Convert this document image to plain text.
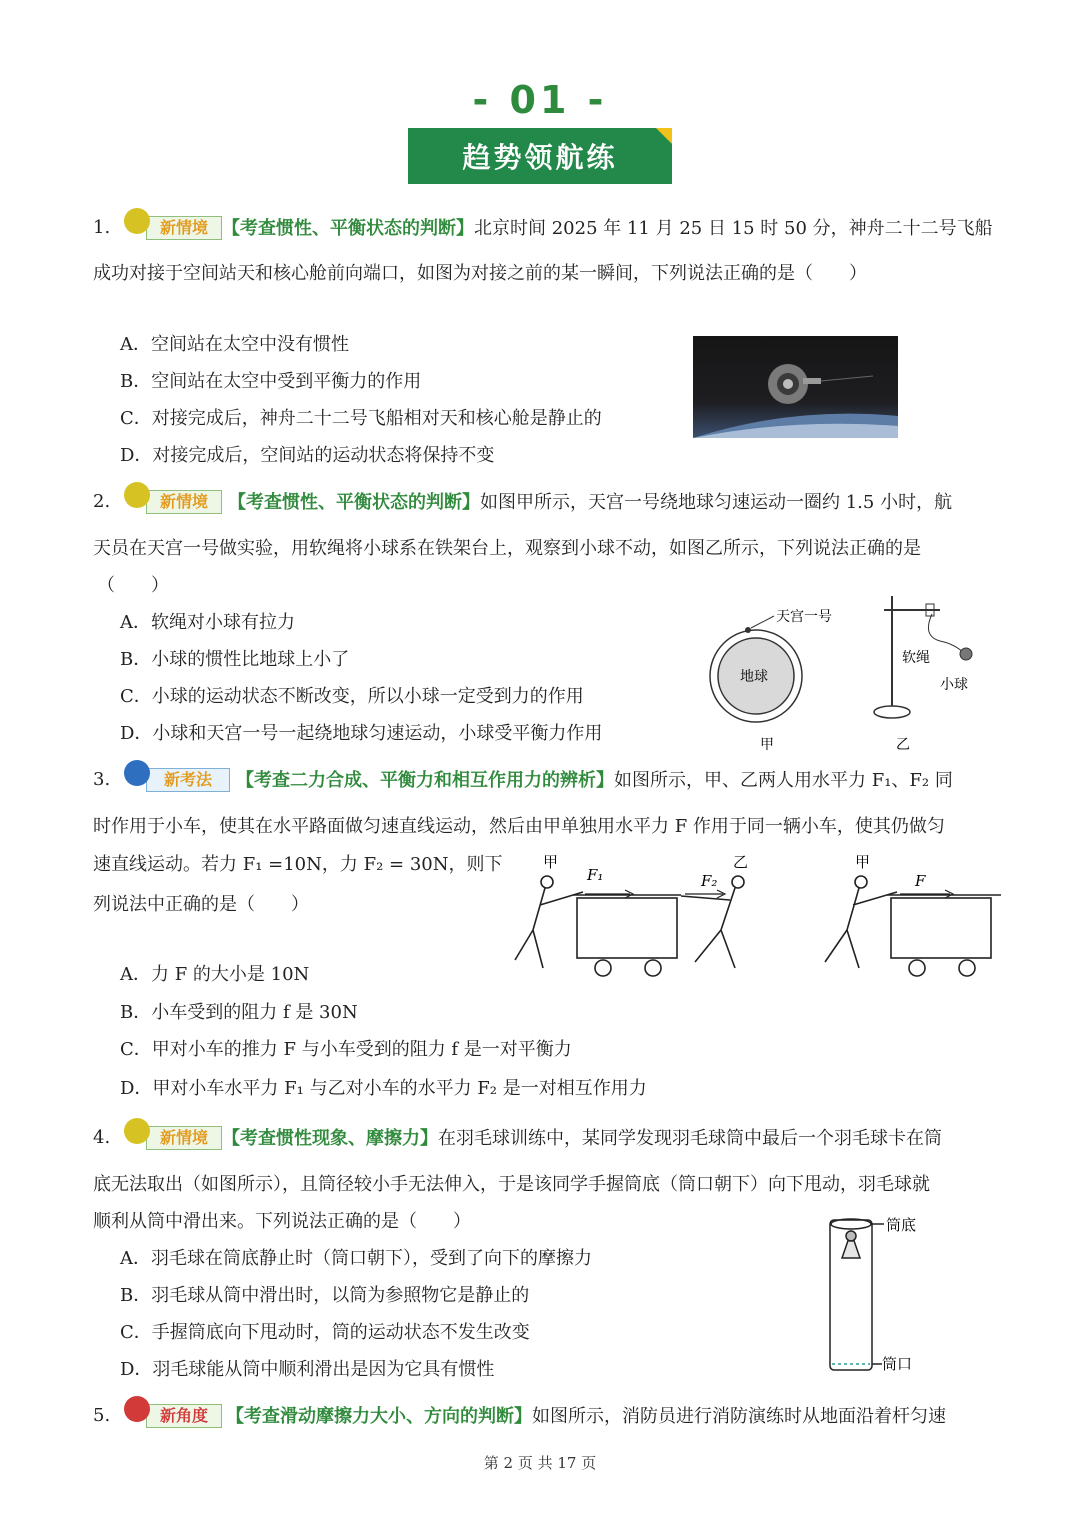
- 01 -
趋势领航练
1.	新情境 【考查惯性、平衡状态的判断】北京时间 2025 年 11 月 25 日 15 时 50 分，神舟二十二号飞船
成功对接于空间站天和核心舱前向端口，如图为对接之前的某一瞬间，下列说法正确的是（　　）
A．空间站在太空中没有惯性
B．空间站在太空中受到平衡力的作用
C．对接完成后，神舟二十二号飞船相对天和核心舱是静止的
D．对接完成后，空间站的运动状态将保持不变
2.	新情境	【考查惯性、平衡状态的判断】如图甲所示，天宫一号绕地球匀速运动一圈约 1.5 小时，航
天员在天宫一号做实验，用软绳将小球系在铁架台上，观察到小球不动，如图乙所示，下列说法正确的是
（　　）
A．软绳对小球有拉力
B．小球的惯性比地球上小了
C．小球的运动状态不断改变，所以小球一定受到力的作用
D．小球和天宫一号一起绕地球匀速运动，小球受平衡力作用
天宫一号
地球
甲
软绳
小球
乙
3.	新考法	【考查二力合成、平衡力和相互作用力的辨析】如图所示，甲、乙两人用水平力 F₁、F₂ 同
时作用于小车，使其在水平路面做匀速直线运动，然后由甲单独用水平力 F 作用于同一辆小车，使其仍做匀
速直线运动。若力 F₁ =10N，力 F₂ = 30N，则下
列说法中正确的是（　　）
A．力 F 的大小是 10N
B．小车受到的阻力 f 是 30N
C．甲对小车的推力 F 与小车受到的阻力 f 是一对平衡力
D．甲对小车水平力 F₁ 与乙对小车的水平力 F₂ 是一对相互作用力
甲	乙
F₁	F₂
甲
F
4.	新情境 【考查惯性现象、摩擦力】在羽毛球训练中，某同学发现羽毛球筒中最后一个羽毛球卡在筒
底无法取出（如图所示），且筒径较小手无法伸入，于是该同学手握筒底（筒口朝下）向下甩动，羽毛球就
顺利从筒中滑出来。下列说法正确的是（　　）
A．羽毛球在筒底静止时（筒口朝下），受到了向下的摩擦力
B．羽毛球从筒中滑出时，以筒为参照物它是静止的
C．手握筒底向下甩动时，筒的运动状态不发生改变
D．羽毛球能从筒中顺利滑出是因为它具有惯性
筒底
筒口
5.	新角度	【考查滑动摩擦力大小、方向的判断】如图所示，消防员进行消防演练时从地面沿着杆匀速
第 2 页 共 17 页
